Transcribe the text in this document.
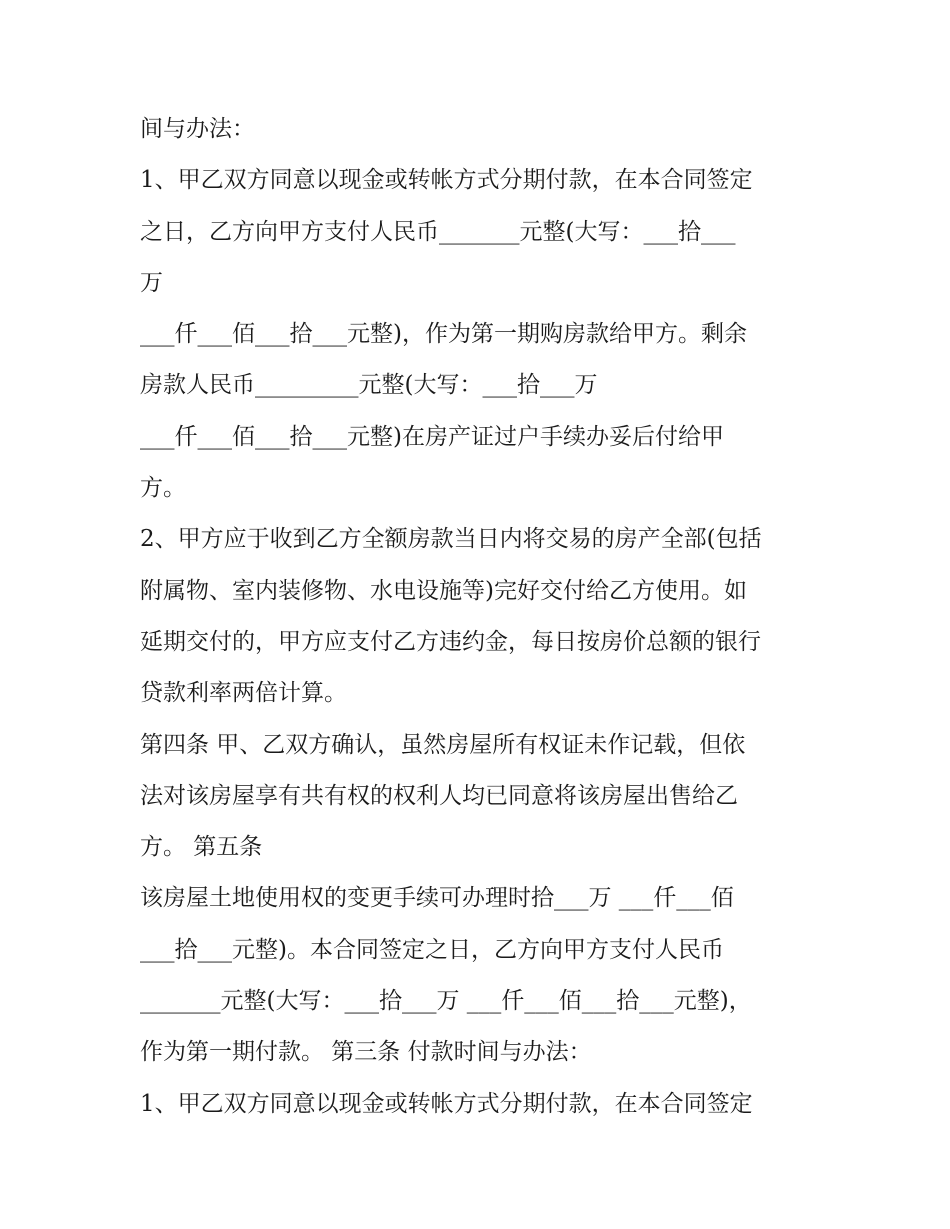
间与办法：

1、甲乙双方同意以现金或转帐方式分期付款，在本合同签定

之日，乙方向甲方支付人民币_______元整(大写：___拾___

万

___仟___佰___拾___元整)，作为第一期购房款给甲方。剩余

房款人民币_________元整(大写：___拾___万

___仟___佰___拾___元整)在房产证过户手续办妥后付给甲

方。

2、甲方应于收到乙方全额房款当日内将交易的房产全部(包括

附属物、室内装修物、水电设施等)完好交付给乙方使用。如

延期交付的，甲方应支付乙方违约金，每日按房价总额的银行

贷款利率两倍计算。

第四条 甲、乙双方确认，虽然房屋所有权证未作记载，但依

法对该房屋享有共有权的权利人均已同意将该房屋出售给乙

方。 第五条

该房屋土地使用权的变更手续可办理时拾___万 ___仟___佰

___拾___元整)。本合同签定之日，乙方向甲方支付人民币

_______元整(大写：___拾___万 ___仟___佰___拾___元整)，

作为第一期付款。 第三条 付款时间与办法：

1、甲乙双方同意以现金或转帐方式分期付款，在本合同签定
